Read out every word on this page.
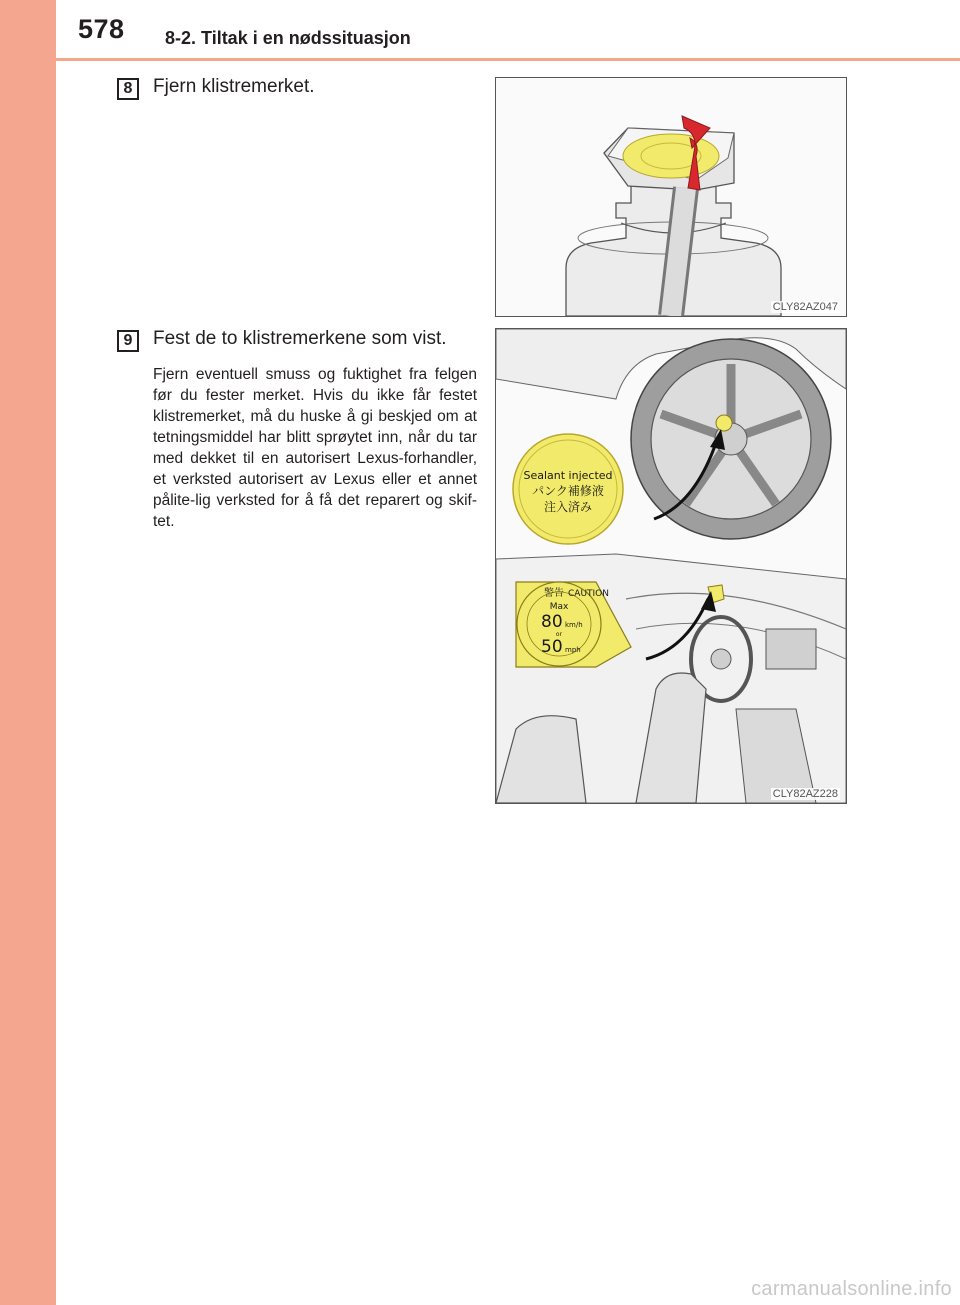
578 8-2. Tiltak i en nødssituasjon
8	Fjern klistremerket.
CLY82AZ047
9	Fest de to klistremerkene som vist.
Fjern eventuell smuss og fuktighet fra felgen før du fester merket. Hvis du ikke får festet klistremerket, må du huske å gi beskjed om at tetningsmiddel har blitt sprøytet inn, når du tar med dekket til en autorisert Lexus-forhandler, et verksted autorisert av Lexus eller et annet pålite-lig verksted for å få det reparert og skif-tet.
Sealant injected
パンク補修液
注入済み
警告 CAUTION
Max
80 km/h
or
50 mph
CLY82AZ228
carmanualsonline.info
